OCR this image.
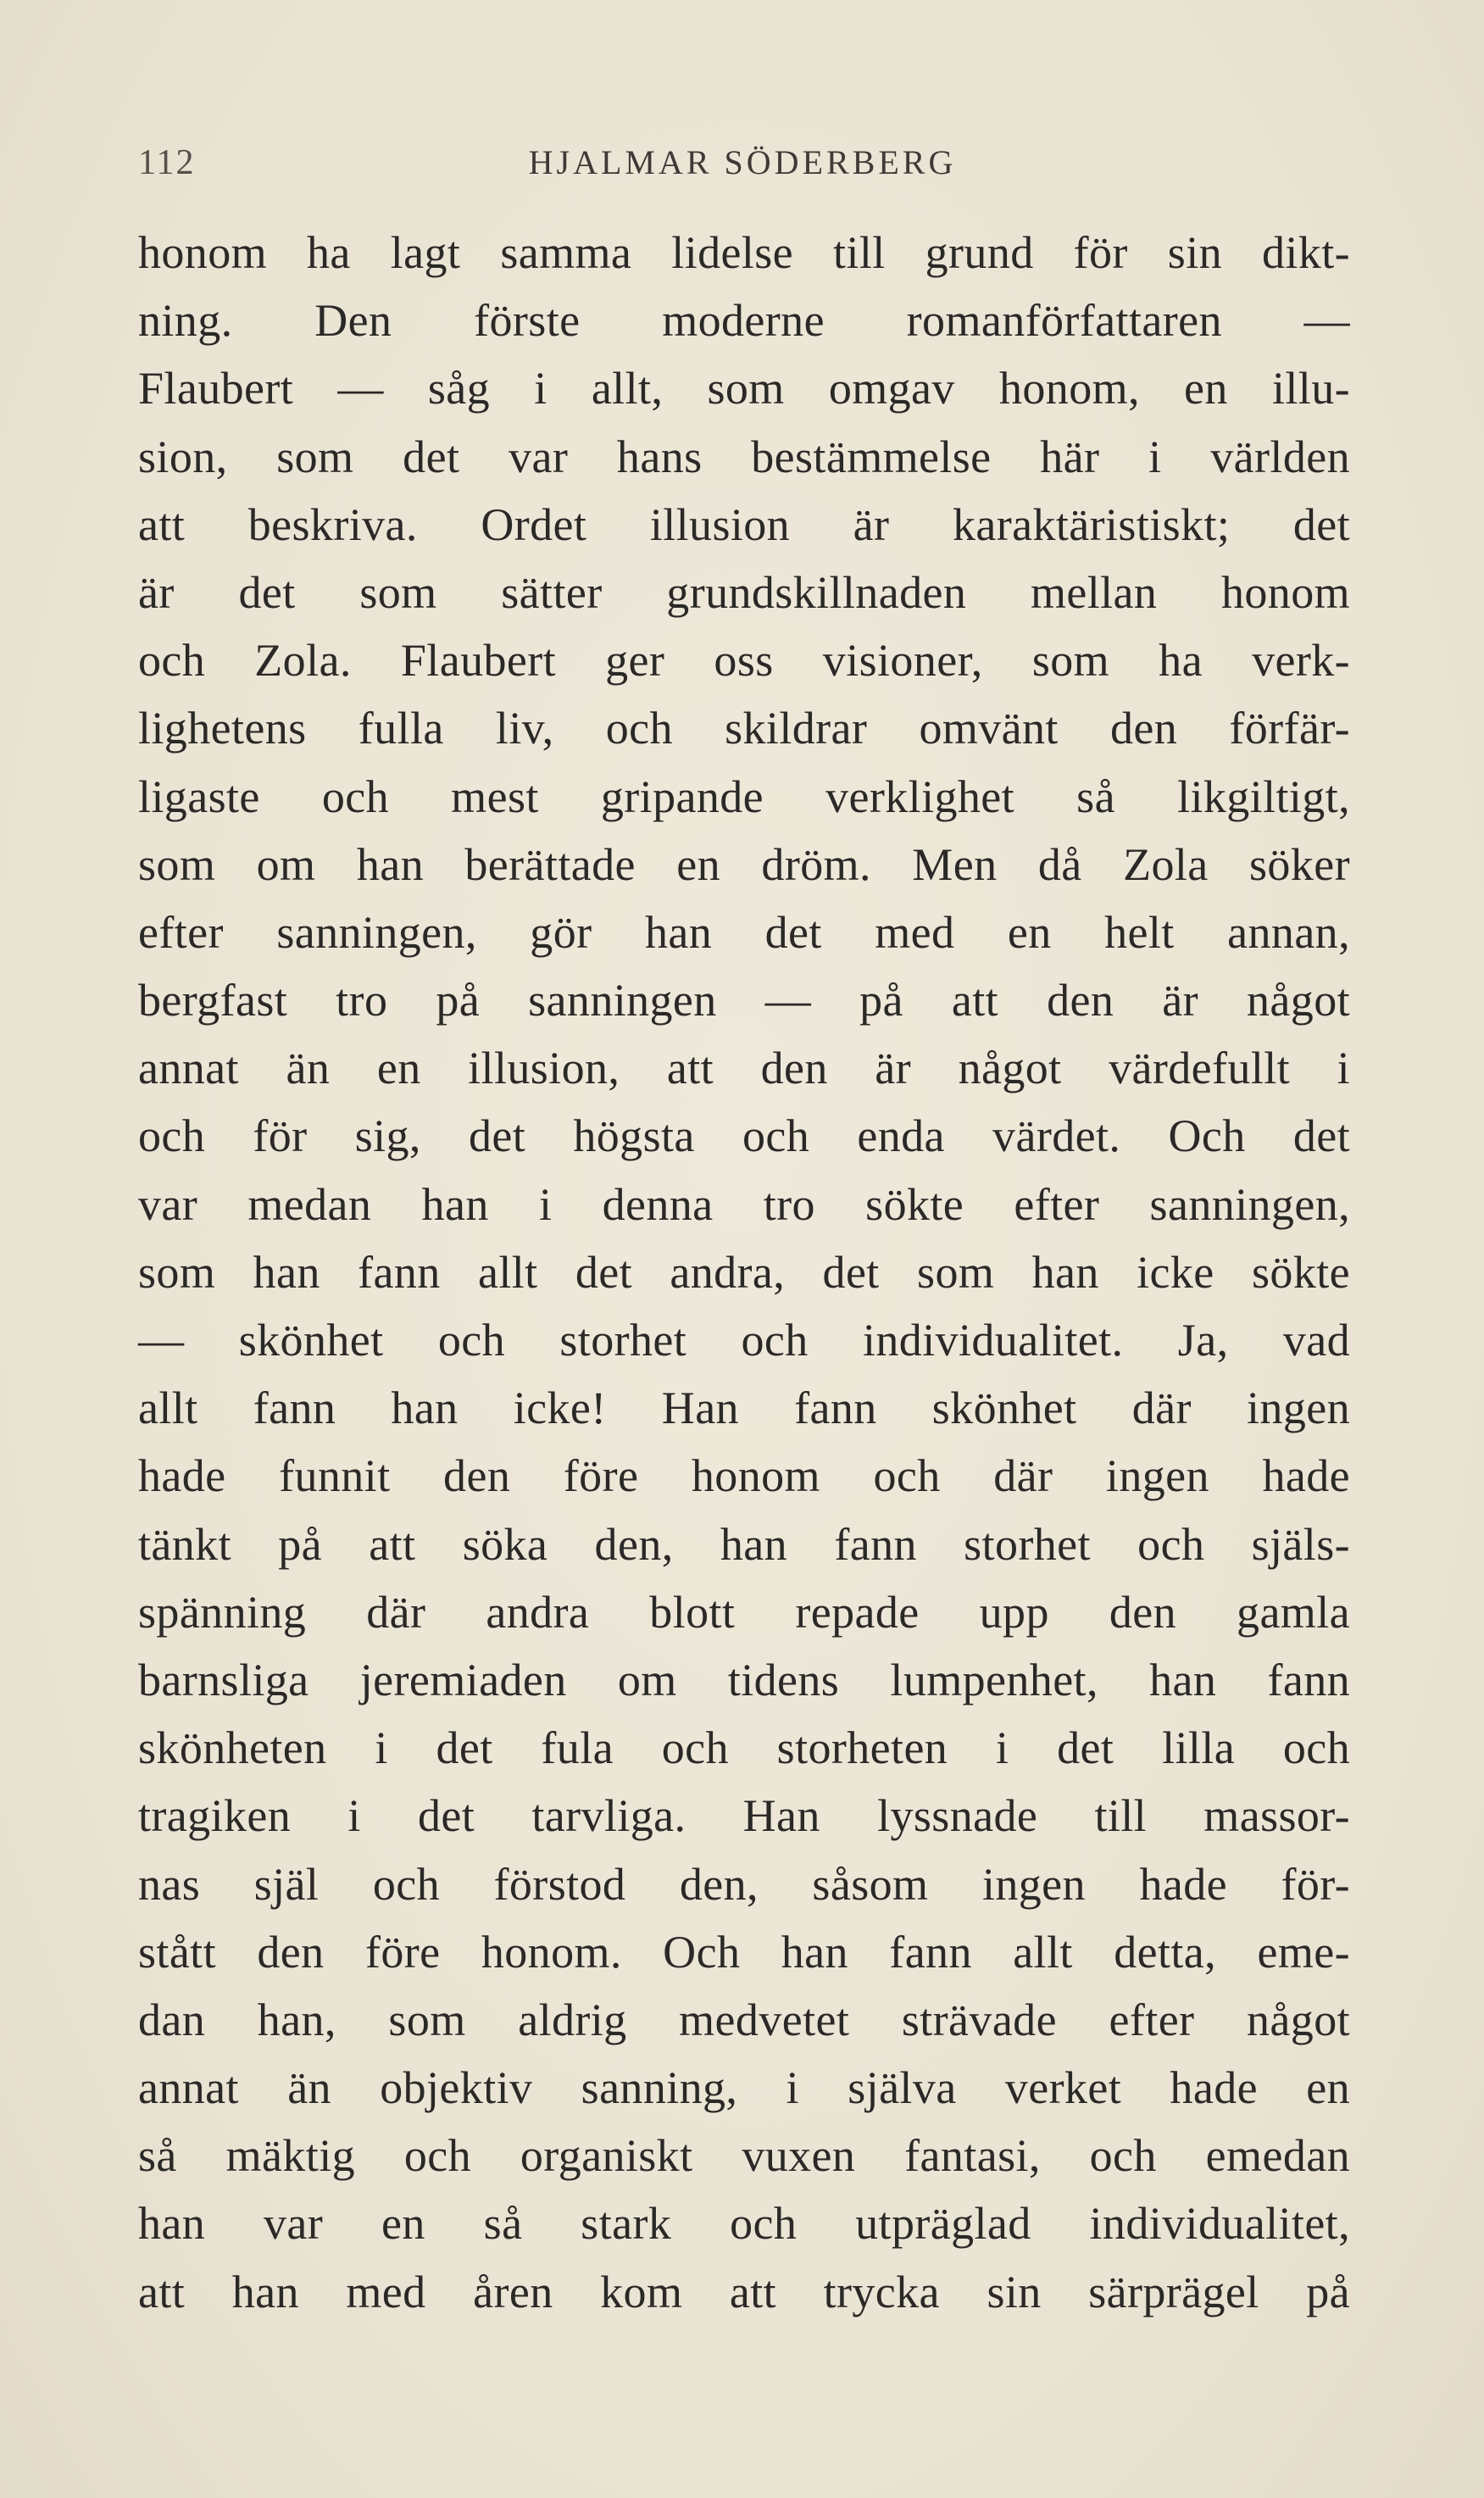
112	HJALMAR SÖDERBERG
honom ha lagt samma lidelse till grund för sin dikt-
ning. Den förste moderne romanförfattaren —
Flaubert — såg i allt, som omgav honom, en illu-
sion, som det var hans bestämmelse här i världen
att beskriva. Ordet illusion är karaktäristiskt; det
är det som sätter grundskillnaden mellan honom
och Zola. Flaubert ger oss visioner, som ha verk-
lighetens fulla liv, och skildrar omvänt den förfär-
ligaste och mest gripande verklighet så likgiltigt,
som om han berättade en dröm. Men då Zola söker
efter sanningen, gör han det med en helt annan,
bergfast tro på sanningen — på att den är något
annat än en illusion, att den är något värdefullt i
och för sig, det högsta och enda värdet. Och det
var medan han i denna tro sökte efter sanningen,
som han fann allt det andra, det som han icke sökte
— skönhet och storhet och individualitet. Ja, vad
allt fann han icke! Han fann skönhet där ingen
hade funnit den före honom och där ingen hade
tänkt på att söka den, han fann storhet och själs-
spänning där andra blott repade upp den gamla
barnsliga jeremiaden om tidens lumpenhet, han fann
skönheten i det fula och storheten i det lilla och
tragiken i det tarvliga. Han lyssnade till massor-
nas själ och förstod den, såsom ingen hade för-
stått den före honom. Och han fann allt detta, eme-
dan han, som aldrig medvetet strävade efter något
annat än objektiv sanning, i själva verket hade en
så mäktig och organiskt vuxen fantasi, och emedan
han var en så stark och utpräglad individualitet,
att han med åren kom att trycka sin särprägel på
